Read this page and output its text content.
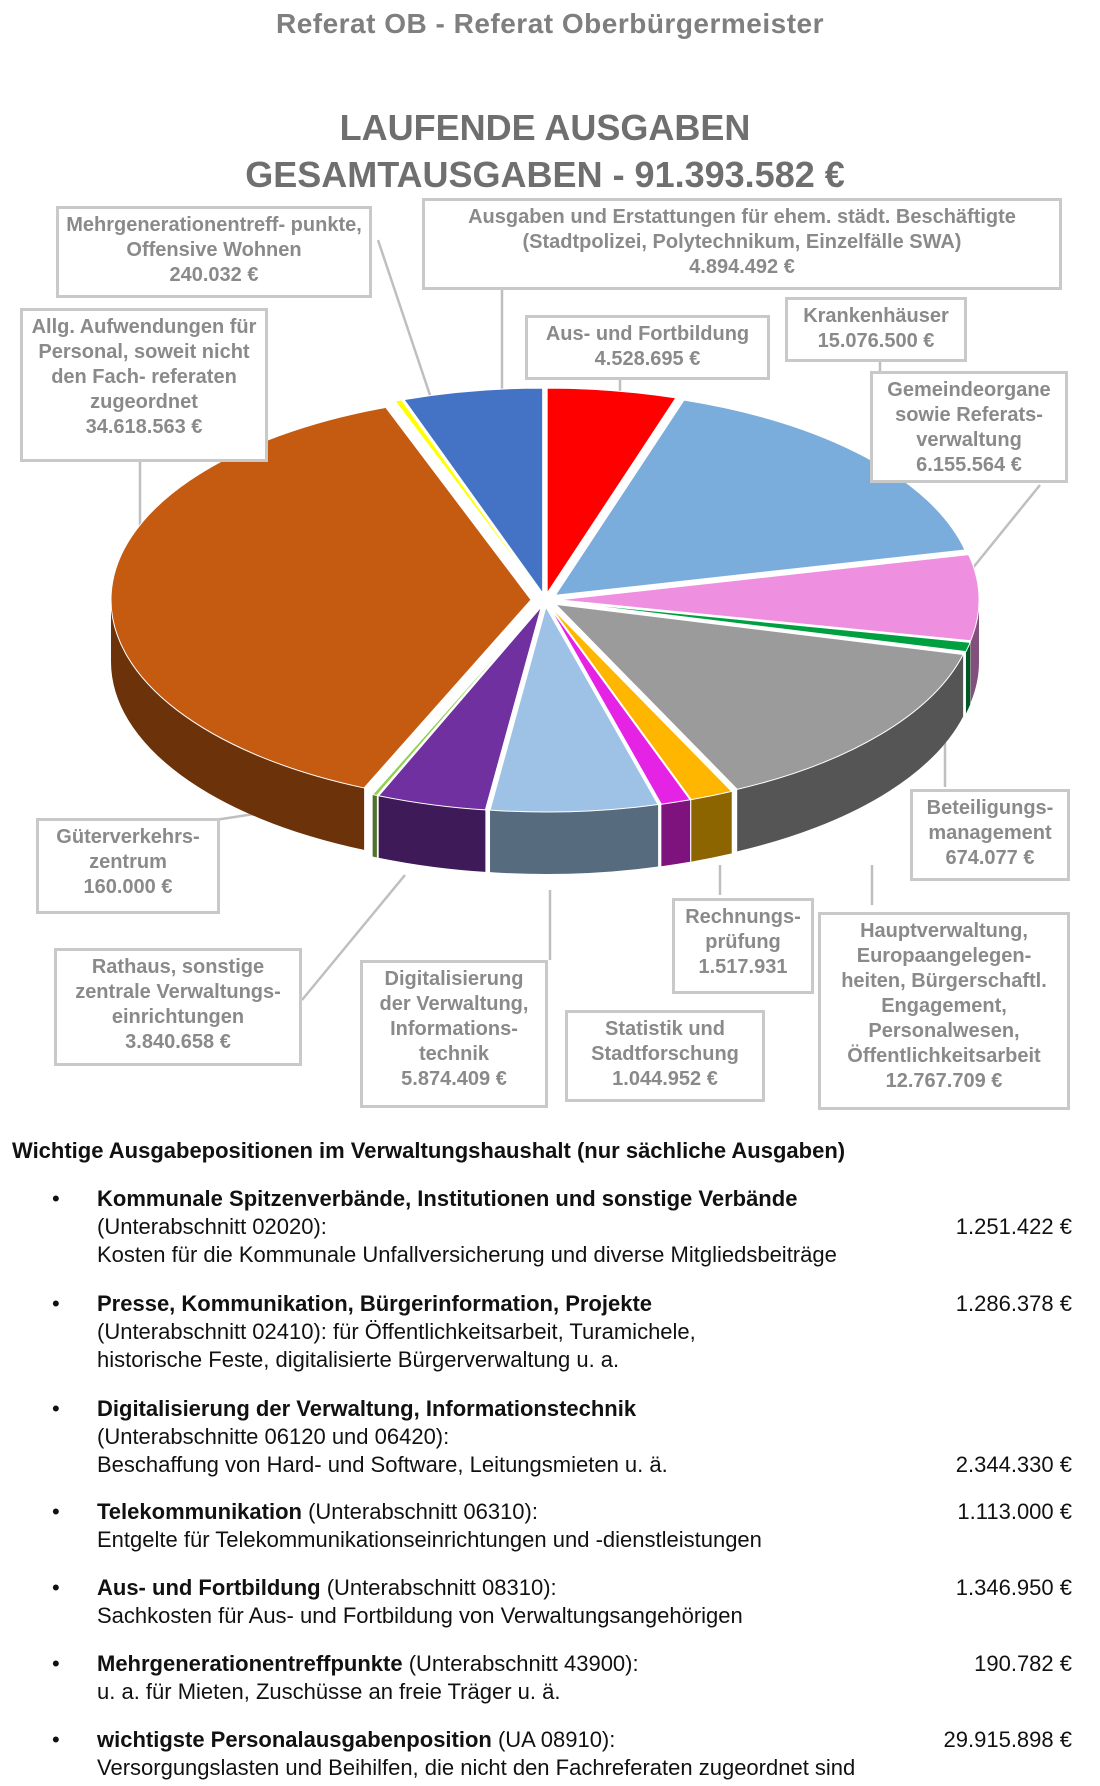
Referat OB - Referat Oberbürgermeister
LAUFENDE AUSGABEN
GESAMTAUSGABEN - 91.393.582 €
Mehrgenerationentreff- punkte, Offensive Wohnen
240.032 €
Ausgaben und Erstattungen für ehem. städt. Beschäftigte (Stadtpolizei, Polytechnikum, Einzelfälle SWA)
4.894.492 €
Allg. Aufwendungen für Personal, soweit nicht den Fach- referaten zugeordnet
34.618.563 €
Aus- und Fortbildung
4.528.695 €
Krankenhäuser
15.076.500 €
Gemeindeorgane sowie Referats- verwaltung
6.155.564 €
Beteiligungs- management
674.077 €
Güterverkehrs- zentrum
160.000 €
Rechnungs- prüfung
1.517.931
Hauptverwaltung, Europaangelegen- heiten, Bürgerschaftl. Engagement, Personalwesen, Öffentlichkeitsarbeit
12.767.709 €
Rathaus, sonstige zentrale Verwaltungs- einrichtungen
3.840.658 €
Digitalisierung der Verwaltung, Informations- technik
5.874.409 €
Statistik und Stadtforschung
1.044.952 €
Wichtige Ausgabepositionen im Verwaltungshaushalt (nur sächliche Ausgaben)
• Kommunale Spitzenverbände, Institutionen und sonstige Verbände
(Unterabschnitt 02020):
Kosten für die Kommunale Unfallversicherung und diverse Mitgliedsbeiträge
1.251.422 €
• Presse, Kommunikation, Bürgerinformation, Projekte
(Unterabschnitt 02410): für Öffentlichkeitsarbeit, Turamichele,
historische Feste, digitalisierte Bürgerverwaltung u. a.
1.286.378 €
• Digitalisierung der Verwaltung, Informationstechnik
(Unterabschnitte 06120 und 06420):
Beschaffung von Hard- und Software, Leitungsmieten u. ä.	2.344.330 €
• Telekommunikation (Unterabschnitt 06310):
Entgelte für Telekommunikationseinrichtungen und -dienstleistungen
1.113.000 €
• Aus- und Fortbildung (Unterabschnitt 08310):
Sachkosten für Aus- und Fortbildung von Verwaltungsangehörigen
1.346.950 €
• Mehrgenerationentreffpunkte (Unterabschnitt 43900):
u. a. für Mieten, Zuschüsse an freie Träger u. ä.
190.782 €
• wichtigste Personalausgabenposition (UA 08910):
Versorgungslasten und Beihilfen, die nicht den Fachreferaten zugeordnet sind
29.915.898 €
